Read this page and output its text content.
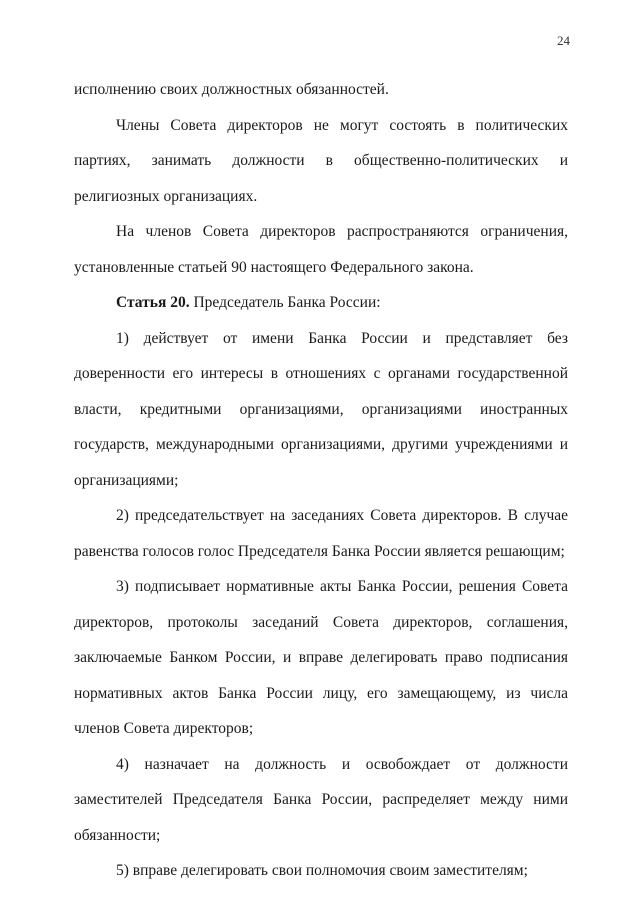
24

исполнению своих должностных обязанностей.

Члены Совета директоров не могут состоять в политических партиях, занимать должности в общественно-политических и религиозных организациях.

На членов Совета директоров распространяются ограничения, установленные статьей 90 настоящего Федерального закона.

Статья 20. Председатель Банка России:

1) действует от имени Банка России и представляет без доверенности его интересы в отношениях с органами государственной власти, кредитными организациями, организациями иностранных государств, международными организациями, другими учреждениями и организациями;

2) председательствует на заседаниях Совета директоров. В случае равенства голосов голос Председателя Банка России является решающим;

3) подписывает нормативные акты Банка России, решения Совета директоров, протоколы заседаний Совета директоров, соглашения, заключаемые Банком России, и вправе делегировать право подписания нормативных актов Банка России лицу, его замещающему, из числа членов Совета директоров;

4) назначает на должность и освобождает от должности заместителей Председателя Банка России, распределяет между ними обязанности;

5) вправе делегировать свои полномочия своим заместителям;
